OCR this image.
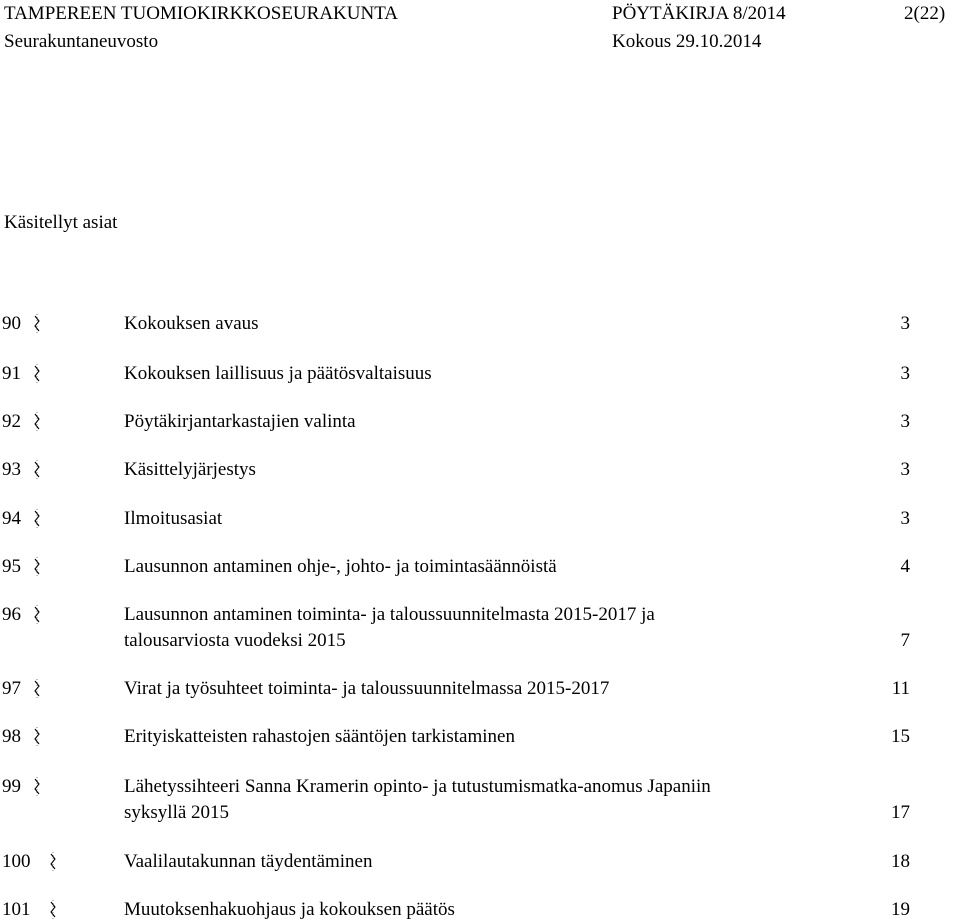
TAMPEREEN TUOMIOKIRKKOSEURAKUNTA	PÖYTÄKIRJA 8/2014	2(22)
Seurakuntaneuvosto	Kokous 29.10.2014
Käsitellyt asiat
90	Kokouksen avaus	3
91	Kokouksen laillisuus ja päätösvaltaisuus	3
92	Pöytäkirjantarkastajien valinta	3
93	Käsittelyjärjestys	3
94	Ilmoitusasiat	3
95	Lausunnon antaminen ohje-, johto- ja toimintasäännöistä	4
96	Lausunnon antaminen toiminta- ja taloussuunnitelmasta 2015-2017 ja
talousarviosta vuodeksi 2015	7
97	Virat ja työsuhteet toiminta- ja taloussuunnitelmassa 2015-2017	11
98	Erityiskatteisten rahastojen sääntöjen tarkistaminen	15
99	Lähetyssihteeri Sanna Kramerin opinto- ja tutustumismatka-anomus Japaniin
syksyllä 2015	17
100	Vaalilautakunnan täydentäminen	18
101	Muutoksenhakuohjaus ja kokouksen päätös	19
